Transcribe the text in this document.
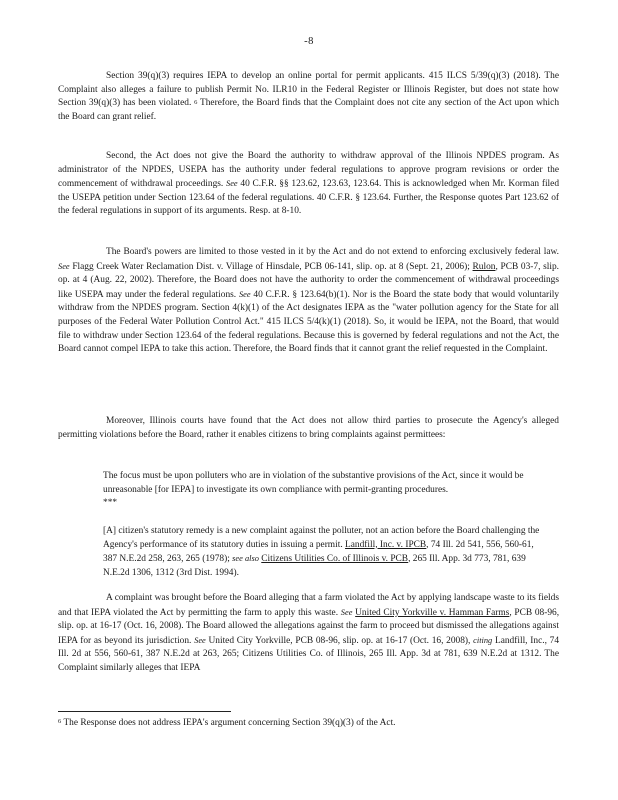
-8

Section 39(q)(3) requires IEPA to develop an online portal for permit applicants. 415 ILCS 5/39(q)(3) (2018). The Complaint also alleges a failure to publish Permit No. ILR10 in the Federal Register or Illinois Register, but does not state how Section 39(q)(3) has been violated. $^6$ Therefore, the Board finds that the Complaint does not cite any section of the Act upon which the Board can grant relief.

Second, the Act does not give the Board the authority to withdraw approval of the Illinois NPDES program. As administrator of the NPDES, USEPA has the authority under federal regulations to approve program revisions or order the commencement of withdrawal proceedings. See 40 C.F.R. §§ 123.62, 123.63, 123.64. This is acknowledged when Mr. Korman filed the USEPA petition under Section 123.64 of the federal regulations. 40 C.F.R. § 123.64. Further, the Response quotes Part 123.62 of the federal regulations in support of its arguments. Resp. at 8-10.

The Board's powers are limited to those vested in it by the Act and do not extend to enforcing exclusively federal law. See Flagg Creek Water Reclamation Dist. v. Village of Hinsdale, PCB 06-141, slip. op. at 8 (Sept. 21, 2006); Rulon, PCB 03-7, slip. op. at 4 (Aug. 22, 2002). Therefore, the Board does not have the authority to order the commencement of withdrawal proceedings like USEPA may under the federal regulations. See 40 C.F.R. § 123.64(b)(1). Nor is the Board the state body that would voluntarily withdraw from the NPDES program. Section 4(k)(1) of the Act designates IEPA as the "water pollution agency for the State for all purposes of the Federal Water Pollution Control Act." 415 ILCS 5/4(k)(1) (2018). So, it would be IEPA, not the Board, that would file to withdraw under Section 123.64 of the federal regulations. Because this is governed by federal regulations and not the Act, the Board cannot compel IEPA to take this action. Therefore, the Board finds that it cannot grant the relief requested in the Complaint.

Moreover, Illinois courts have found that the Act does not allow third parties to prosecute the Agency's alleged permitting violations before the Board, rather it enables citizens to bring complaints against permittees:

The focus must be upon polluters who are in violation of the substantive provisions of the Act, since it would be unreasonable [for IEPA] to investigate its own compliance with permit-granting procedures.
***

[A] citizen's statutory remedy is a new complaint against the polluter, not an action before the Board challenging the Agency's performance of its statutory duties in issuing a permit. Landfill, Inc. v. IPCB, 74 Ill. 2d 541, 556, 560-61, 387 N.E.2d 258, 263, 265 (1978); see also Citizens Utilities Co. of Illinois v. PCB, 265 Ill. App. 3d 773, 781, 639 N.E.2d 1306, 1312 (3rd Dist. 1994).

A complaint was brought before the Board alleging that a farm violated the Act by applying landscape waste to its fields and that IEPA violated the Act by permitting the farm to apply this waste. See United City Yorkville v. Hamman Farms, PCB 08-96, slip. op. at 16-17 (Oct. 16, 2008). The Board allowed the allegations against the farm to proceed but dismissed the allegations against IEPA for as beyond its jurisdiction. See United City Yorkville, PCB 08-96, slip. op. at 16-17 (Oct. 16, 2008), citing Landfill, Inc., 74 Ill. 2d at 556, 560-61, 387 N.E.2d at 263, 265; Citizens Utilities Co. of Illinois, 265 Ill. App. 3d at 781, 639 N.E.2d at 1312. The Complaint similarly alleges that IEPA

$^6$ The Response does not address IEPA's argument concerning Section 39(q)(3) of the Act.
